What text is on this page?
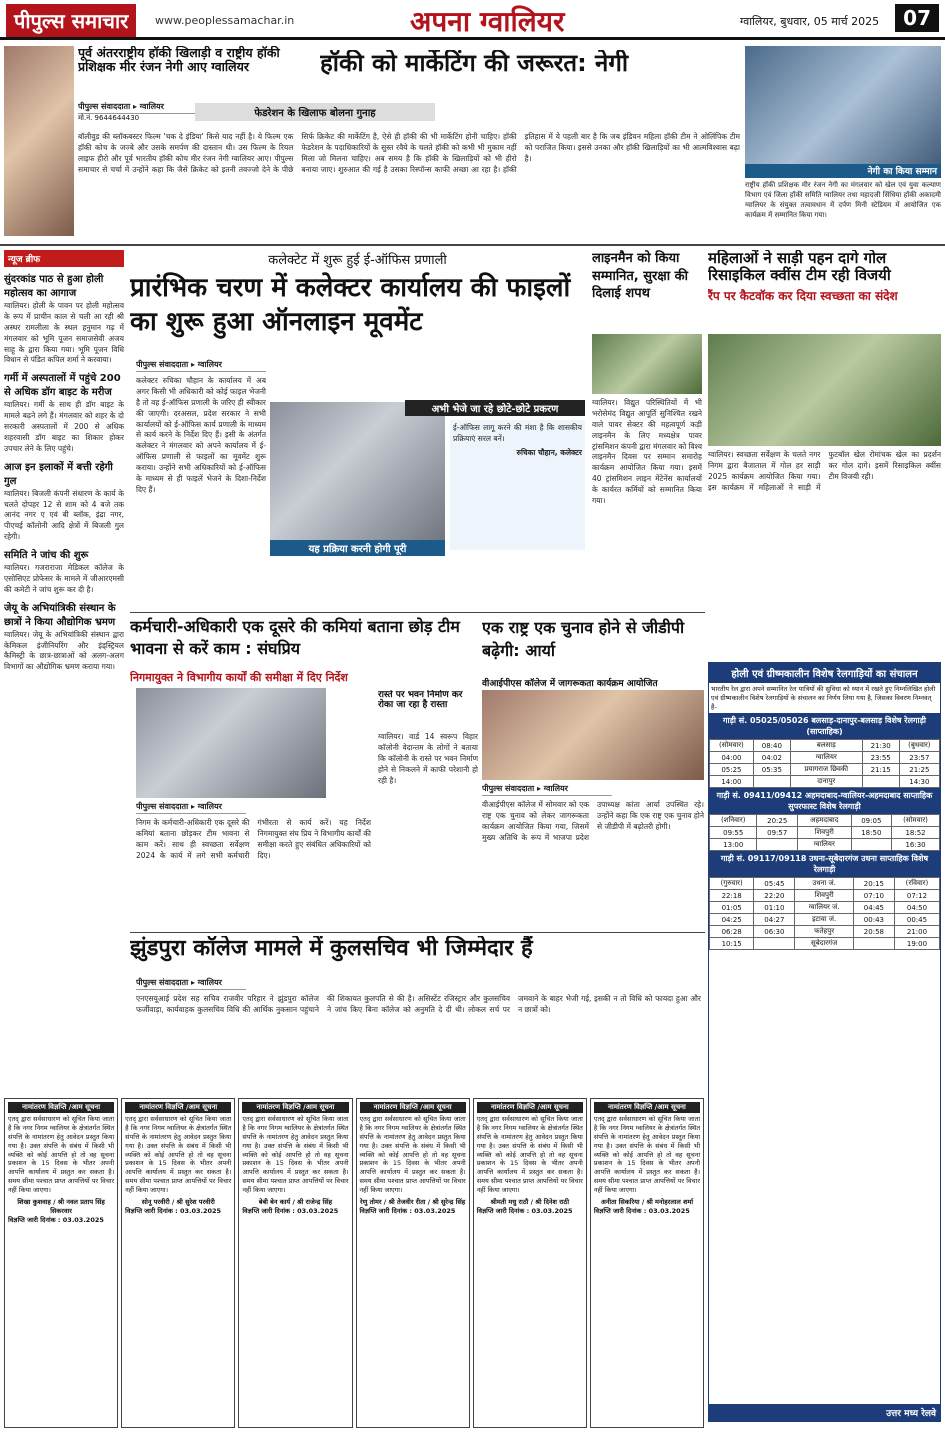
पीपुल्स समाचार	www.peoplessamachar.in	अपना ग्वालियर	ग्वालियर, बुधवार, 05 मार्च 2025	07
पूर्व अंतरराष्ट्रीय हॉकी खिलाड़ी व राष्ट्रीय हॉकी प्रशिक्षक मीर रंजन नेगी आए ग्वालियर	हॉकी को मार्केटिंग की जरूरत: नेगी
पीपुल्स संवाददाता ▸ ग्वालियर
मो.नं. 9644644430	फेडरेशन के खिलाफ बोलना गुनाह
बॉलीवुड की ब्लॉकबस्टर फिल्म 'चक दे इंडिया' किसे याद नहीं है। ये फिल्म एक हॉकी कोच के जज्बे और उसके समर्पण की दास्तान थी। उस फिल्म के रियल लाइफ हीरो और पूर्व भारतीय हॉकी कोच मीर रंजन नेगी ग्वालियर आए। पीपुल्स समाचार से चर्चा में उन्होंने कहा कि जैसे क्रिकेट को इतनी तवज्जो देने के पीछे सिर्फ क्रिकेट की मार्केटिंग है, ऐसे ही हॉकी की भी मार्केटिंग होनी चाहिए। हॉकी फेडरेशन के पदाधिकारियों के सुस्त रवैये के चलते हॉकी को कभी भी मुकाम नहीं मिला जो मिलना चाहिए। अब समय है कि हॉकी के खिलाड़ियों को भी हीरो बनाया जाए। शुरुआत की गई है उसका रिस्पॉन्स काफी अच्छा आ रहा है। हॉकी इतिहास में ये पहली बार है कि जब इंडियन महिला हॉकी टीम ने ओलिंपिक टीम को पराजित किया। इससे उनका और हॉकी खिलाड़ियों का भी आत्मविश्वास बढ़ा है।
नेगी का किया सम्मान
राष्ट्रीय हॉकी प्रशिक्षक मीर रंजन नेगी का मंगलवार को खेल एवं युवा कल्याण विभाग एवं जिला हॉकी समिति ग्वालियर तथा महादजी सिंधिया हॉकी अकादमी ग्वालियर के संयुक्त तत्वावधान में दर्पण मिनी स्टेडियम में आयोजित एक कार्यक्रम में सम्मानित किया गया।
न्यूज ब्रीफ
सुंदरकांड पाठ से हुआ होली महोत्सव का आगाज
ग्वालियर। होली के पावन पर होली महोत्सव के रूप में प्राचीन काल से चली आ रही श्री अस्थर रामलीला के स्थल हनुमान गढ़ में मंगलवार को भूमि पूजन समाजसेवी अजय साहू के द्वारा किया गया। भूमि पूजन विधि विधान से पंडित कपिल शर्मा ने करवाया।
गर्मी में अस्पतालों में पहुंचे 200 से अधिक डॉग बाइट के मरीज
ग्वालियर। गर्मी के साथ ही डॉग बाइट के मामले बढ़ने लगे हैं। मंगलवार को शहर के दो सरकारी अस्पतालों में 200 से अधिक शहरवासी डॉग बाइट का शिकार होकर उपचार लेने के लिए पहुंचे।
आज इन इलाकों में बत्ती रहेगी गुल
ग्वालियर। बिजली कंपनी संधारण के कार्य के चलते दोपहर 12 से शाम को 4 बजे तक आनंद नगर ए एवं बी ब्लॉक, इंद्रा नगर, पीएचई कॉलोनी आदि क्षेत्रों में बिजली गुल रहेगी।
समिति ने जांच की शुरू
ग्वालियर। गजराराजा मेडिकल कॉलेज के एसोसिएट प्रोफेसर के मामले में जीआरएमसी की कमेटी ने जांच शुरू कर दी है।
जेयू के अभियांत्रिकी संस्थान के छात्रों ने किया औद्योगिक भ्रमण
ग्वालियर। जेयू के अभियांत्रिकी संस्थान द्वारा केमिकल इंजीनियरिंग और इंड्स्ट्रियल कैमिस्ट्री के छात्र-छात्राओं को अलग-अलग विभागों का औद्योगिक भ्रमण कराया गया।
कलेक्टेट में शुरू हुई ई-ऑफिस प्रणाली
प्रारंभिक चरण में कलेक्टर कार्यालय की फाइलों का शुरू हुआ ऑनलाइन मूवमेंट
पीपुल्स संवाददाता ▸ ग्वालियर
यह प्रक्रिया करनी होगी पूरी
अभी भेजे जा रहे छोटे-छोटे प्रकरण
कलेक्टर रुचिका चौहान के कार्यालय में अब अगर किसी भी अधिकारी को कोई फाइल भेजनी है तो वह ई-ऑफिस प्रणाली के जरिए ही स्वीकार की जाएगी। दरअसल, प्रदेश सरकार ने सभी कार्यालयों को ई-ऑफिस कार्य प्रणाली के माध्यम से कार्य करने के निर्देश दिए हैं। इसी के अंतर्गत कलेक्टर ने मंगलवार को अपने कार्यालय में ई-ऑफिस प्रणाली से फाइलों का मूवमेंट शुरू कराया। उन्होंने सभी अधिकारियों को ई-ऑफिस के माध्यम से ही फाइलें भेजने के दिशा-निर्देश दिए हैं।
ई-ऑफिस लागू करने की मंशा है कि शासकीय प्रक्रियाएं सरल बनें।
रुचिका चौहान, कलेक्टर
लाइनमैन को किया सम्मानित, सुरक्षा की दिलाई शपथ
ग्वालियर। विद्युत परिस्थितियों में भी भरोसेमंद विद्युत आपूर्ति सुनिश्चित रखने वाले पावर सेक्टर की महत्वपूर्ण कड़ी लाइनमैन के लिए मध्यक्षेत्र पावर ट्रांसमिशन कंपनी द्वारा मंगलवार को विश्व लाइनमैन दिवस पर सम्मान समारोह कार्यक्रम आयोजित किया गया। इसमें 40 ट्रांसमिशन लाइन मेंटेनेंस कार्यालयों के कार्यरत कर्मियों को सम्मानित किया गया।
महिलाओं ने साड़ी पहन दागे गोल
रिसाइकिल क्वींस टीम रही विजयी
रैंप पर कैटवॉक कर दिया स्वच्छता का संदेश
ग्वालियर। स्वच्छता सर्वेक्षण के चलते नगर निगम द्वारा बैजाताल में गोल हर साड़ी 2025 कार्यक्रम आयोजित किया गया। इस कार्यक्रम में महिलाओं ने साड़ी में फुटबॉल खेल रोमांचक खेल का प्रदर्शन कर गोल दागे। इसमें रिसाइकिल क्वींस टीम विजयी रही।
कर्मचारी-अधिकारी एक दूसरे की कमियां बताना छोड़ टीम भावना से करें काम : संघप्रिय
निगमायुक्त ने विभागीय कार्यों की समीक्षा में दिए निर्देश
पीपुल्स संवाददाता ▸ ग्वालियर
निगम के कर्मचारी-अधिकारी एक दूसरे की कमियां बताना छोड़कर टीम भावना से काम करें। साथ ही स्वच्छता सर्वेक्षण 2024 के कार्य में लगे सभी कर्मचारी गंभीरता से कार्य करें। यह निर्देश निगमायुक्त संघ प्रिय ने विभागीय कार्यों की समीक्षा करते हुए संबंधित अधिकारियों को दिए।
रास्ते पर भवन निर्माण कर रोका जा रहा है रास्ता
ग्वालियर। वार्ड 14 स्वरूप विहार कॉलोनी वेदान्तम के लोगों ने बताया कि कॉलोनी के रास्ते पर भवन निर्माण होने से निकलने में काफी परेशानी हो रही है।
एक राष्ट्र एक चुनाव होने से जीडीपी बढ़ेगी: आर्या
वीआईपीएस कॉलेज में जागरूकता कार्यक्रम आयोजित
पीपुल्स संवाददाता ▸ ग्वालियर
वीआईपीएस कॉलेज में सोमवार को एक राष्ट्र एक चुनाव को लेकर जागरूकता कार्यक्रम आयोजित किया गया, जिसमें मुख्य अतिथि के रूप में भाजपा प्रदेश उपाध्यक्ष कांता आर्या उपस्थित रहे। उन्होंने कहा कि एक राष्ट्र एक चुनाव होने से जीडीपी में बढ़ोतरी होगी।
होली एवं ग्रीष्मकालीन विशेष रेलगाड़ियों का संचालन
भारतीय रेल द्वारा अपने सम्मानित रेल यात्रियों की सुविधा को ध्यान में रखते हुए निम्नलिखित होली एवं ग्रीष्मकालीन विशेष रेलगाड़ियों के संचालन का निर्णय लिया गया है, जिसका विवरण निम्नवत् है-
गाड़ी सं. 05025/05026 बलसाड़-दानापुर-बलसाड़ विशेष रेलगाड़ी (साप्ताहिक)
(सोमवार)	08:40	बलसाड़	21:30	(बुधवार)
04:00	04:02	ग्वालियर	23:55	23:57
05:25	05:35	प्रयागराज छिवकी	21:15	21:25
14:00		दानापुर		14:30
गाड़ी सं. 09411/09412 अहमदाबाद-ग्वालियर-अहमदाबाद साप्ताहिक सुपरफास्ट विशेष रेलगाड़ी
(शनिवार)	20:25	अहमदाबाद	09:05	(सोमवार)
09:55	09:57	शिवपुरी	18:50	18:52
13:00		ग्वालियर		16:30
गाड़ी सं. 09117/09118 उधना-सूबेदारगंज उधना साप्ताहिक विशेष रेलगाड़ी
(गुरुवार)	05:45	उधना जं.	20:15	(रविवार)
22:18	22:20	शिवपुरी	07:10	07:12
01:05	01:10	ग्वालियर जं.	04:45	04:50
04:25	04:27	इटावा जं.	00:43	00:45
06:28	06:30	फतेहपुर	20:58	21:00
10:15		सूबेदारगंज		19:00
उत्तर मध्य रेलवे
झुंडपुरा कॉलेज मामले में कुलसचिव भी जिम्मेदार हैं
पीपुल्स संवाददाता ▸ ग्वालियर
एनएसयूआई प्रदेश सह सचिव राजवीर परिहार ने झुंडपुरा कॉलेज फर्जीवाड़ा, कार्यवाहक कुलसचिव विधि की आर्थिक नुकसान पहुंचाने की शिकायत कुलपति से की है। असिस्टेंट रजिस्ट्रार और कुलसचिव ने जांच किए बिना कॉलेज को अनुमति दे दी थी। लोकल सर्च पर जमवाने के बाहर भेजी गई, इसकी न तो विधि को फायदा हुआ और न छात्रों को।
नामांतरण विज्ञप्ति /आम सूचना
एतद् द्वारा सर्वसाधारण को सूचित किया जाता है कि नगर निगम ग्वालियर के क्षेत्रांतर्गत स्थित संपत्ति के नामांतरण हेतु आवेदन प्रस्तुत किया गया है। उक्त संपत्ति के संबंध में किसी भी व्यक्ति को कोई आपत्ति हो तो वह सूचना प्रकाशन के 15 दिवस के भीतर अपनी आपत्ति कार्यालय में प्रस्तुत कर सकता है। समय सीमा पश्चात प्राप्त आपत्तियों पर विचार नहीं किया जाएगा।
शिखा कुशवाह / श्री नवल प्रताप सिंह सिकरवार
विज्ञप्ति जारी दिनांक : 03.03.2025
नामांतरण विज्ञप्ति /आम सूचना
एतद् द्वारा सर्वसाधारण को सूचित किया जाता है कि नगर निगम ग्वालियर के क्षेत्रांतर्गत स्थित संपत्ति के नामांतरण हेतु आवेदन प्रस्तुत किया गया है। उक्त संपत्ति के संबंध में किसी भी व्यक्ति को कोई आपत्ति हो तो वह सूचना प्रकाशन के 15 दिवस के भीतर अपनी आपत्ति कार्यालय में प्रस्तुत कर सकता है। समय सीमा पश्चात प्राप्त आपत्तियों पर विचार नहीं किया जाएगा।
सोनू परवीरी / श्री सुरेश परवीरी
विज्ञप्ति जारी दिनांक : 03.03.2025
नामांतरण विज्ञप्ति /आम सूचना
एतद् द्वारा सर्वसाधारण को सूचित किया जाता है कि नगर निगम ग्वालियर के क्षेत्रांतर्गत स्थित संपत्ति के नामांतरण हेतु आवेदन प्रस्तुत किया गया है। उक्त संपत्ति के संबंध में किसी भी व्यक्ति को कोई आपत्ति हो तो वह सूचना प्रकाशन के 15 दिवस के भीतर अपनी आपत्ति कार्यालय में प्रस्तुत कर सकता है। समय सीमा पश्चात प्राप्त आपत्तियों पर विचार नहीं किया जाएगा।
बेबी बेन कार्य / श्री राजेन्द्र सिंह
विज्ञप्ति जारी दिनांक : 03.03.2025
नामांतरण विज्ञप्ति /आम सूचना
एतद् द्वारा सर्वसाधारण को सूचित किया जाता है कि नगर निगम ग्वालियर के क्षेत्रांतर्गत स्थित संपत्ति के नामांतरण हेतु आवेदन प्रस्तुत किया गया है। उक्त संपत्ति के संबंध में किसी भी व्यक्ति को कोई आपत्ति हो तो वह सूचना प्रकाशन के 15 दिवस के भीतर अपनी आपत्ति कार्यालय में प्रस्तुत कर सकता है। समय सीमा पश्चात प्राप्त आपत्तियों पर विचार नहीं किया जाएगा।
रेणु तोमर / श्री तेजवीर रीता / श्री सुरेन्द्र सिंह
विज्ञप्ति जारी दिनांक : 03.03.2025
नामांतरण विज्ञप्ति /आम सूचना
एतद् द्वारा सर्वसाधारण को सूचित किया जाता है कि नगर निगम ग्वालियर के क्षेत्रांतर्गत स्थित संपत्ति के नामांतरण हेतु आवेदन प्रस्तुत किया गया है। उक्त संपत्ति के संबंध में किसी भी व्यक्ति को कोई आपत्ति हो तो वह सूचना प्रकाशन के 15 दिवस के भीतर अपनी आपत्ति कार्यालय में प्रस्तुत कर सकता है। समय सीमा पश्चात प्राप्त आपत्तियों पर विचार नहीं किया जाएगा।
श्रीमती मधु राठौ / श्री दिनेश राठी
विज्ञप्ति जारी दिनांक : 03.03.2025
नामांतरण विज्ञप्ति /आम सूचना
एतद् द्वारा सर्वसाधारण को सूचित किया जाता है कि नगर निगम ग्वालियर के क्षेत्रांतर्गत स्थित संपत्ति के नामांतरण हेतु आवेदन प्रस्तुत किया गया है। उक्त संपत्ति के संबंध में किसी भी व्यक्ति को कोई आपत्ति हो तो वह सूचना प्रकाशन के 15 दिवस के भीतर अपनी आपत्ति कार्यालय में प्रस्तुत कर सकता है। समय सीमा पश्चात प्राप्त आपत्तियों पर विचार नहीं किया जाएगा।
अनीता सिकरिया / श्री मनोहरलाल शर्मा
विज्ञप्ति जारी दिनांक : 03.03.2025
